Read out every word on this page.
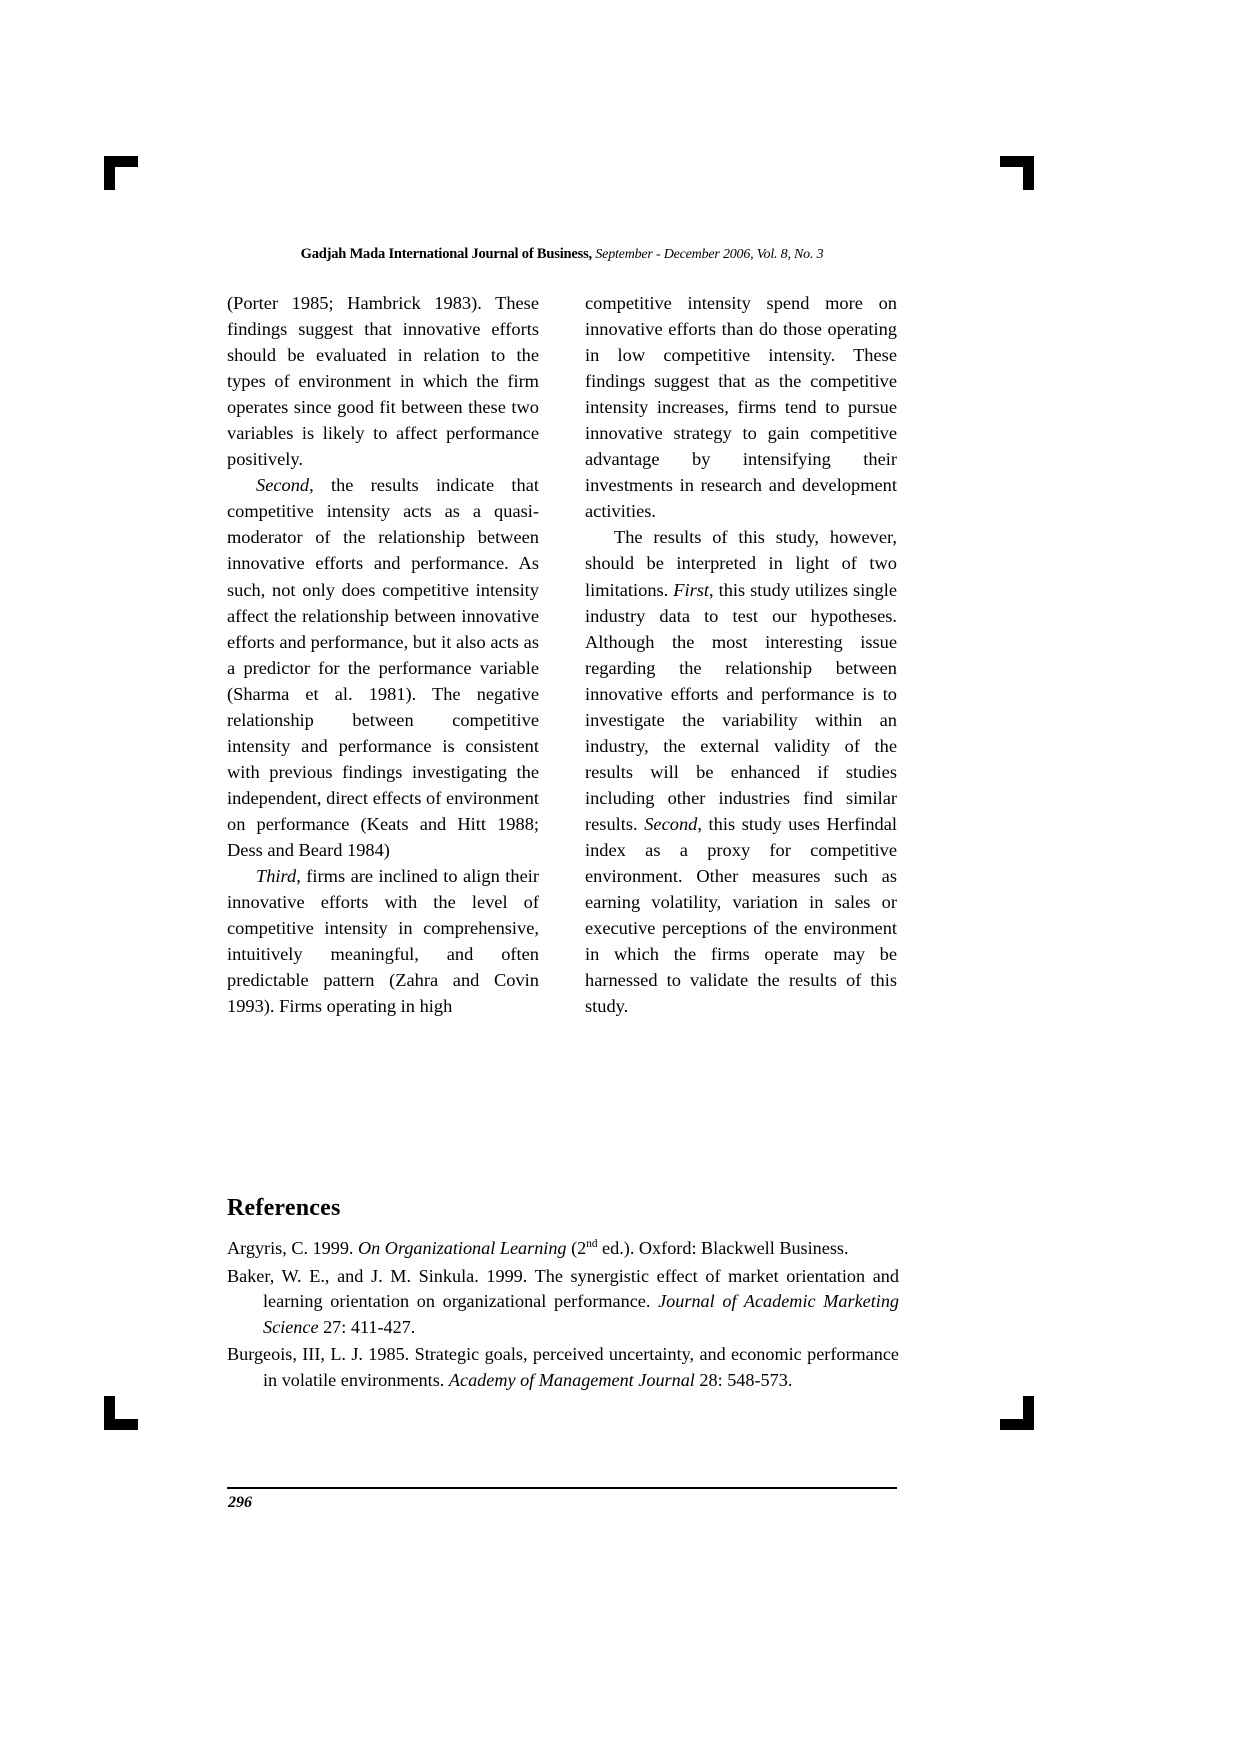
Gadjah Mada International Journal of Business, September - December 2006, Vol. 8, No. 3

(Porter 1985; Hambrick 1983). These findings suggest that innovative efforts should be evaluated in relation to the types of environment in which the firm operates since good fit between these two variables is likely to affect performance positively.

Second, the results indicate that competitive intensity acts as a quasi-moderator of the relationship between innovative efforts and performance. As such, not only does competitive intensity affect the relationship between innovative efforts and performance, but it also acts as a predictor for the performance variable (Sharma et al. 1981). The negative relationship between competitive intensity and performance is consistent with previous findings investigating the independent, direct effects of environment on performance (Keats and Hitt 1988; Dess and Beard 1984)

Third, firms are inclined to align their innovative efforts with the level of competitive intensity in comprehensive, intuitively meaningful, and often predictable pattern (Zahra and Covin 1993). Firms operating in high

competitive intensity spend more on innovative efforts than do those operating in low competitive intensity. These findings suggest that as the competitive intensity increases, firms tend to pursue innovative strategy to gain competitive advantage by intensifying their investments in research and development activities.

The results of this study, however, should be interpreted in light of two limitations. First, this study utilizes single industry data to test our hypotheses. Although the most interesting issue regarding the relationship between innovative efforts and performance is to investigate the variability within an industry, the external validity of the results will be enhanced if studies including other industries find similar results. Second, this study uses Herfindal index as a proxy for competitive environment. Other measures such as earning volatility, variation in sales or executive perceptions of the environment in which the firms operate may be harnessed to validate the results of this study.

References

Argyris, C. 1999. On Organizational Learning (2nd ed.). Oxford: Blackwell Business.

Baker, W. E., and J. M. Sinkula. 1999. The synergistic effect of market orientation and learning orientation on organizational performance. Journal of Academic Marketing Science 27: 411-427.

Burgeois, III, L. J. 1985. Strategic goals, perceived uncertainty, and economic performance in volatile environments. Academy of Management Journal 28: 548-573.

296
